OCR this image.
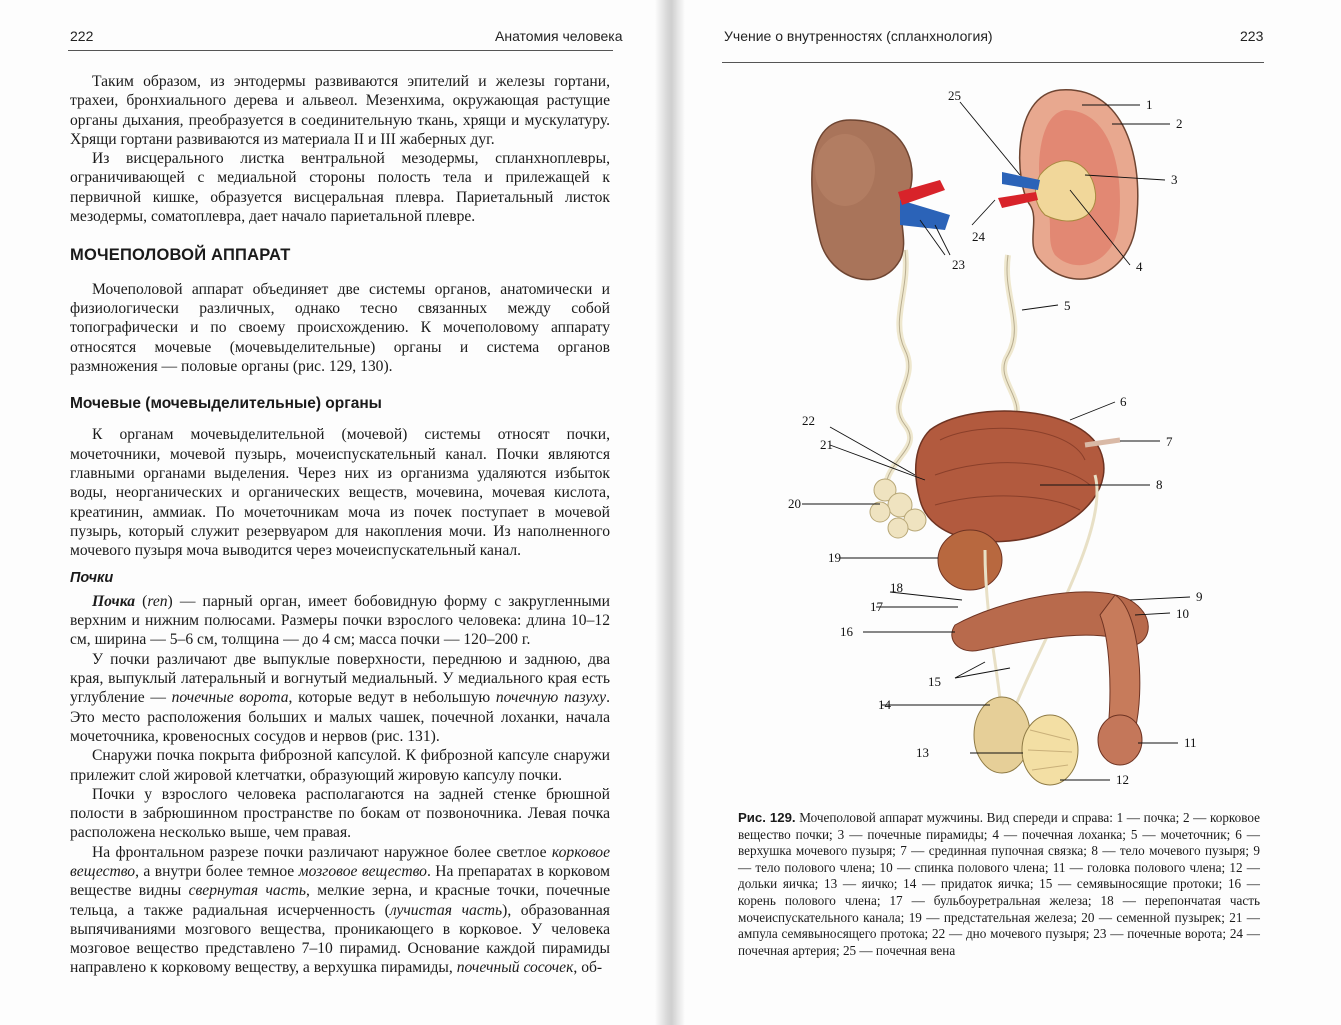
222	Анатомия человека

Таким образом, из энтодермы развиваются эпителий и железы гортани, трахеи, бронхиального дерева и альвеол. Мезенхима, окружающая растущие органы дыхания, преобразуется в соединительную ткань, хрящи и мускулатуру. Хрящи гортани развиваются из материала II и III жаберных дуг.

Из висцерального листка вентральной мезодермы, спланхноплевры, ограничивающей с медиальной стороны полость тела и прилежащей к первичной кишке, образуется висцеральная плевра. Париетальный листок мезодермы, соматоплевра, дает начало париетальной плевре.

МОЧЕПОЛОВОЙ АППАРАТ

Мочеполовой аппарат объединяет две системы органов, анатомически и физиологически различных, однако тесно связанных между собой топографически и по своему происхождению. К мочеполовому аппарату относятся мочевые (мочевыделительные) органы и система органов размножения — половые органы (рис. 129, 130).

Мочевые (мочевыделительные) органы

К органам мочевыделительной (мочевой) системы относят почки, мочеточники, мочевой пузырь, мочеиспускательный канал. Почки являются главными органами выделения. Через них из организма удаляются избыток воды, неорганических и органических веществ, мочевина, мочевая кислота, креатинин, аммиак. По мочеточникам моча из почек поступает в мочевой пузырь, который служит резервуаром для накопления мочи. Из наполненного мочевого пузыря моча выводится через мочеиспускательный канал.

Почки

Почка (ren) — парный орган, имеет бобовидную форму с закругленными верхним и нижним полюсами. Размеры почки взрослого человека: длина 10–12 см, ширина — 5–6 см, толщина — до 4 см; масса почки — 120–200 г.

У почки различают две выпуклые поверхности, переднюю и заднюю, два края, выпуклый латеральный и вогнутый медиальный. У медиального края есть углубление — почечные ворота, которые ведут в небольшую почечную пазуху. Это место расположения больших и малых чашек, почечной лоханки, начала мочеточника, кровеносных сосудов и нервов (рис. 131).

Снаружи почка покрыта фиброзной капсулой. К фиброзной капсуле снаружи прилежит слой жировой клетчатки, образующий жировую капсулу почки.

Почки у взрослого человека располагаются на задней стенке брюшной полости в забрюшинном пространстве по бокам от позвоночника. Левая почка расположена несколько выше, чем правая.

На фронтальном разрезе почки различают наружное более светлое корковое вещество, а внутри более темное мозговое вещество. На препаратах в корковом веществе видны свернутая часть, мелкие зерна, и красные точки, почечные тельца, а также радиальная исчерченность (лучистая часть), образованная выпячиваниями мозгового вещества, проникающего в корковое. У человека мозговое вещество представлено 7–10 пирамид. Основание каждой пирамиды направлено к корковому веществу, а верхушка пирамиды, почечный сосочек, об-

Учение о внутренностях (спланхнология)	223
1
2
3
4
5
6
7
8
9
10
11
12
13
14
15
16
17
18
19
20
21
22
23
24
25
Рис. 129. Мочеполовой аппарат мужчины. Вид спереди и справа: 1 — почка; 2 — корковое вещество почки; 3 — почечные пирамиды; 4 — почечная лоханка; 5 — мочеточник; 6 — верхушка мочевого пузыря; 7 — срединная пупочная связка; 8 — тело мочевого пузыря; 9 — тело полового члена; 10 — спинка полового члена; 11 — головка полового члена; 12 — дольки яичка; 13 — яичко; 14 — придаток яичка; 15 — семявыносящие протоки; 16 — корень полового члена; 17 — бульбоуретральная железа; 18 — перепончатая часть мочеиспускательного канала; 19 — предстательная железа; 20 — семенной пузырек; 21 — ампула семявыносящего протока; 22 — дно мочевого пузыря; 23 — почечные ворота; 24 — почечная артерия; 25 — почечная вена
